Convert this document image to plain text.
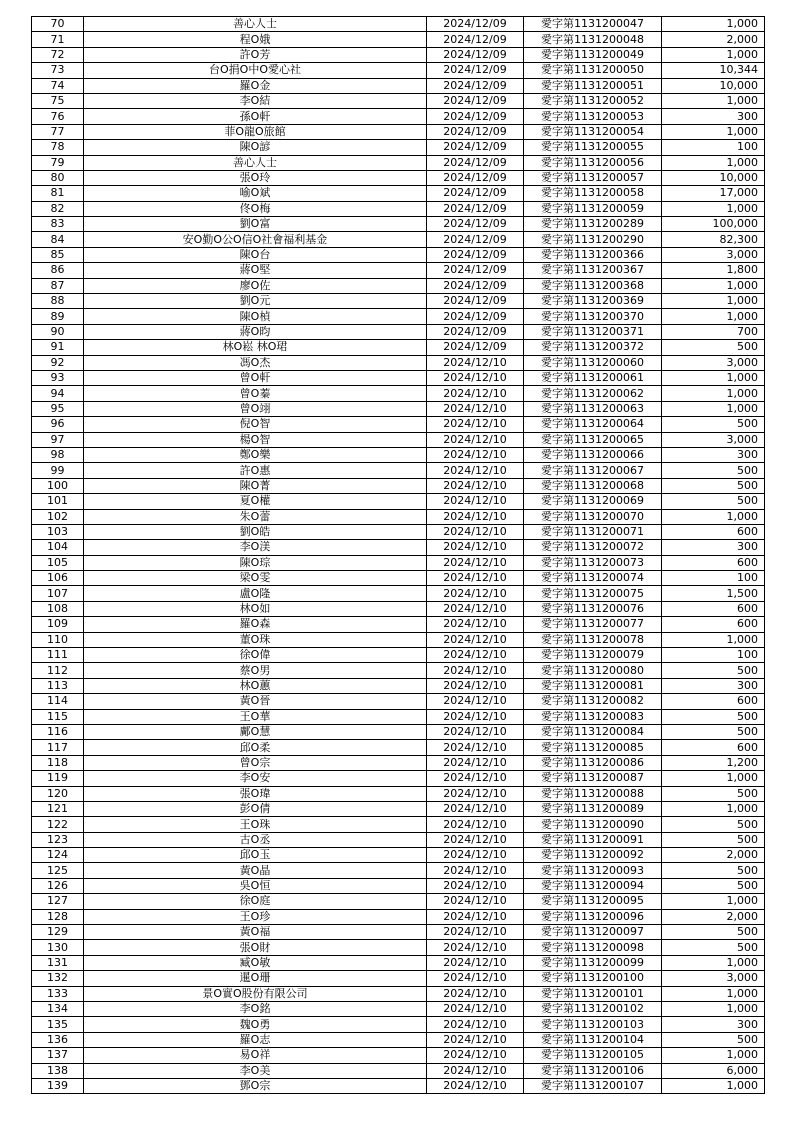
70	善心人士	2024/12/09	愛字第1131200047	1,000
71	程O娥	2024/12/09	愛字第1131200048	2,000
72	許O芳	2024/12/09	愛字第1131200049	1,000
73	台O捐O中O愛心社	2024/12/09	愛字第1131200050	10,344
74	羅O金	2024/12/09	愛字第1131200051	10,000
75	李O結	2024/12/09	愛字第1131200052	1,000
76	孫O軒	2024/12/09	愛字第1131200053	300
77	菲O龍O旅館	2024/12/09	愛字第1131200054	1,000
78	陳O諺	2024/12/09	愛字第1131200055	100
79	善心人士	2024/12/09	愛字第1131200056	1,000
80	張O玲	2024/12/09	愛字第1131200057	10,000
81	喻O斌	2024/12/09	愛字第1131200058	17,000
82	佟O梅	2024/12/09	愛字第1131200059	1,000
83	劉O富	2024/12/09	愛字第1131200289	100,000
84	安O勤O公O信O社會福利基金	2024/12/09	愛字第1131200290	82,300
85	陳O台	2024/12/09	愛字第1131200366	3,000
86	蔣O堅	2024/12/09	愛字第1131200367	1,800
87	廖O佐	2024/12/09	愛字第1131200368	1,000
88	劉O元	2024/12/09	愛字第1131200369	1,000
89	陳O楨	2024/12/09	愛字第1131200370	1,000
90	蔣O昀	2024/12/09	愛字第1131200371	700
91	林O崧 林O珺	2024/12/09	愛字第1131200372	500
92	馮O杰	2024/12/10	愛字第1131200060	3,000
93	曾O軒	2024/12/10	愛字第1131200061	1,000
94	曾O蓁	2024/12/10	愛字第1131200062	1,000
95	曾O翊	2024/12/10	愛字第1131200063	1,000
96	倪O智	2024/12/10	愛字第1131200064	500
97	楊O智	2024/12/10	愛字第1131200065	3,000
98	鄭O樂	2024/12/10	愛字第1131200066	300
99	許O惠	2024/12/10	愛字第1131200067	500
100	陳O菁	2024/12/10	愛字第1131200068	500
101	夏O權	2024/12/10	愛字第1131200069	500
102	朱O蕾	2024/12/10	愛字第1131200070	1,000
103	劉O皓	2024/12/10	愛字第1131200071	600
104	李O渼	2024/12/10	愛字第1131200072	300
105	陳O琮	2024/12/10	愛字第1131200073	600
106	梁O雯	2024/12/10	愛字第1131200074	100
107	盧O隆	2024/12/10	愛字第1131200075	1,500
108	林O如	2024/12/10	愛字第1131200076	600
109	羅O森	2024/12/10	愛字第1131200077	600
110	董O珠	2024/12/10	愛字第1131200078	1,000
111	徐O偉	2024/12/10	愛字第1131200079	100
112	蔡O男	2024/12/10	愛字第1131200080	500
113	林O蕙	2024/12/10	愛字第1131200081	300
114	黃O晉	2024/12/10	愛字第1131200082	600
115	王O華	2024/12/10	愛字第1131200083	500
116	鄺O慧	2024/12/10	愛字第1131200084	500
117	邱O柔	2024/12/10	愛字第1131200085	600
118	曾O宗	2024/12/10	愛字第1131200086	1,200
119	李O安	2024/12/10	愛字第1131200087	1,000
120	張O瑋	2024/12/10	愛字第1131200088	500
121	彭O倩	2024/12/10	愛字第1131200089	1,000
122	王O珠	2024/12/10	愛字第1131200090	500
123	古O丞	2024/12/10	愛字第1131200091	500
124	邱O玉	2024/12/10	愛字第1131200092	2,000
125	黃O晶	2024/12/10	愛字第1131200093	500
126	吳O恒	2024/12/10	愛字第1131200094	500
127	徐O庭	2024/12/10	愛字第1131200095	1,000
128	王O珍	2024/12/10	愛字第1131200096	2,000
129	黃O福	2024/12/10	愛字第1131200097	500
130	張O財	2024/12/10	愛字第1131200098	500
131	臧O敏	2024/12/10	愛字第1131200099	1,000
132	暹O珊	2024/12/10	愛字第1131200100	3,000
133	景O實O股份有限公司	2024/12/10	愛字第1131200101	1,000
134	李O銘	2024/12/10	愛字第1131200102	1,000
135	魏O勇	2024/12/10	愛字第1131200103	300
136	羅O志	2024/12/10	愛字第1131200104	500
137	易O祥	2024/12/10	愛字第1131200105	1,000
138	李O美	2024/12/10	愛字第1131200106	6,000
139	鄧O宗	2024/12/10	愛字第1131200107	1,000
